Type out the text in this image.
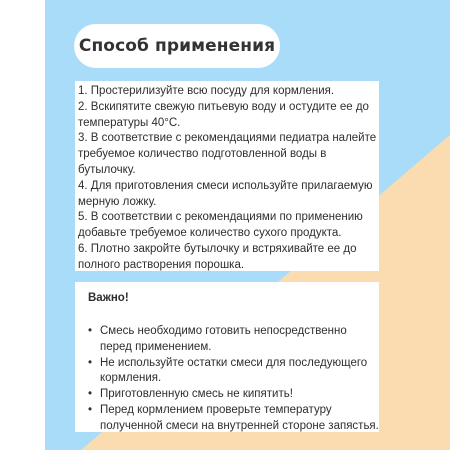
Способ применения

1. Простерилизуйте всю посуду для кормления.

2. Вскипятите свежую питьевую воду и остудите ее до температуры 40°С.

3. В соответствие с рекомендациями педиатра налейте требуемое количество подготовленной воды в бутылочку.

4. Для приготовления смеси используйте прилагаемую мерную ложку.

5. В соответствии с рекомендациями по применению добавьте требуемое количество сухого продукта.

6. Плотно закройте бутылочку и встряхивайте ее до полного растворения порошка.

Важно!

• Смесь необходимо готовить непосредственно перед применением.
• Не используйте остатки смеси для последующего кормления.
• Приготовленную смесь не кипятить!
• Перед кормлением проверьте температуру полученной смеси на внутренней стороне запястья.
